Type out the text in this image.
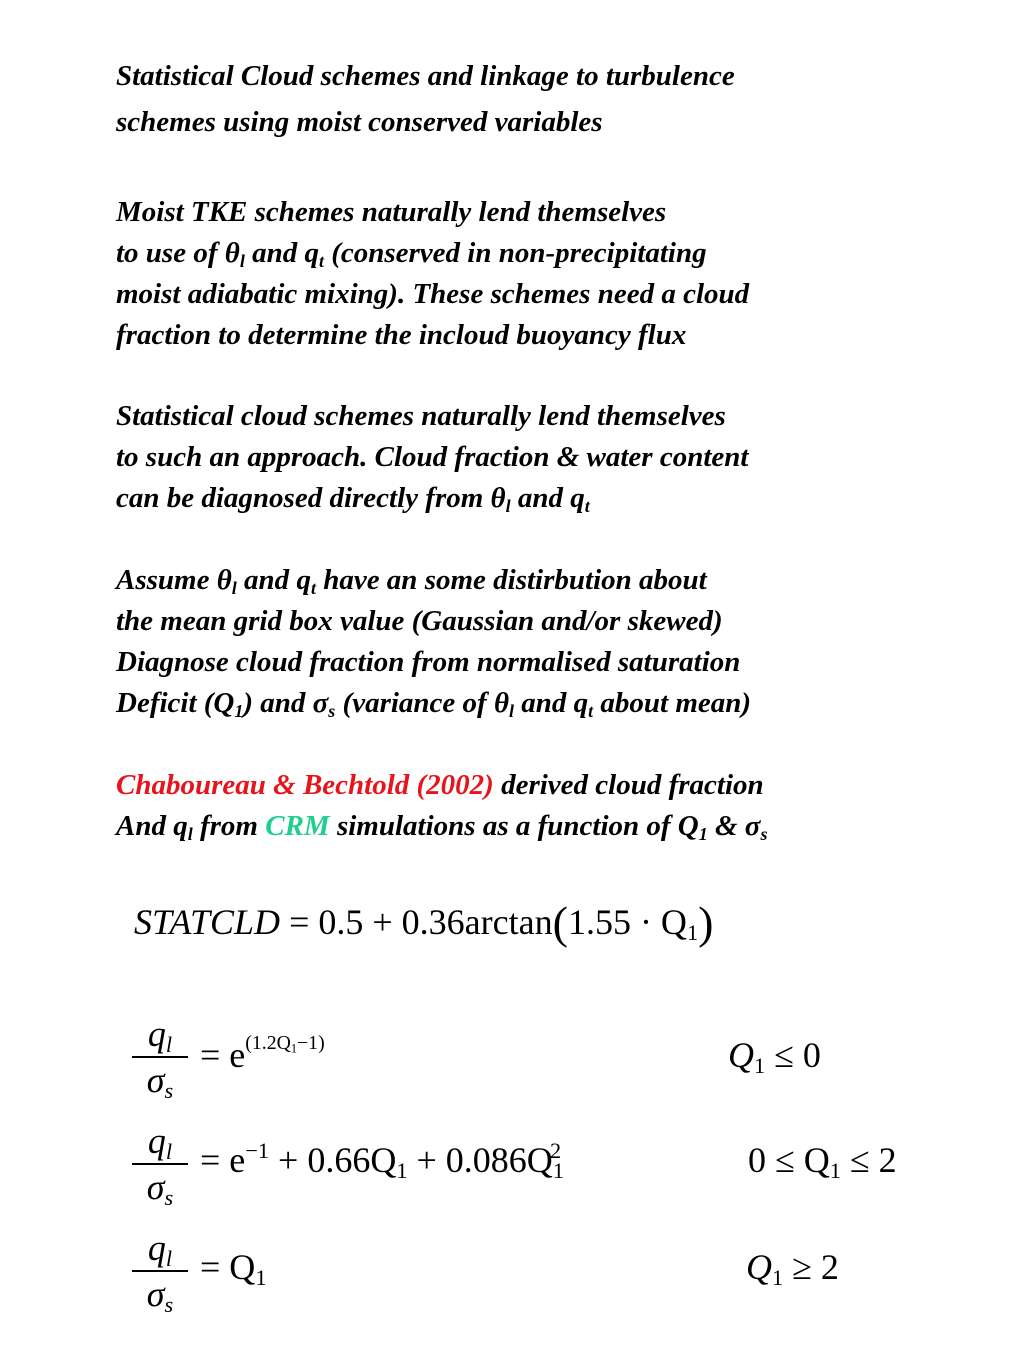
Statistical Cloud schemes and linkage to turbulence
schemes using moist conserved variables
Moist TKE schemes naturally lend themselves
to use of $\theta_l$ and $q_t$ (conserved in non-precipitating
moist adiabatic mixing). These schemes need a cloud
fraction to determine the incloud buoyancy flux
Statistical cloud schemes naturally lend themselves
to such an approach. Cloud fraction & water content
can be diagnosed directly from $\theta_l$ and $q_t$
Assume $\theta_l$ and $q_t$ have an some distirbution about
the mean grid box value (Gaussian and/or skewed)
Diagnose cloud fraction from normalised saturation
Deficit $(Q_1)$ and $\sigma_s$ (variance of $\theta_l$ and $q_t$ about mean)
Chaboureau & Bechtold (2002) derived cloud fraction
And $q_l$ from CRM simulations as a function of $Q_1$ & $\sigma_s$
STATCLD = $0.5 + 0.36\arctan(1.55 \cdot Q_1)$
$q_l$
$\sigma_s$
= $e^{(1.2Q_1-1)}$	$Q_1 \le 0$
$q_l$
$\sigma_s$
= $e^{-1} + 0.66Q_1 + 0.086Q_1^2$	$0 \le Q_1 \le 2$
$q_l$
$\sigma_s$
= $Q_1$	$Q_1 \ge 2$
